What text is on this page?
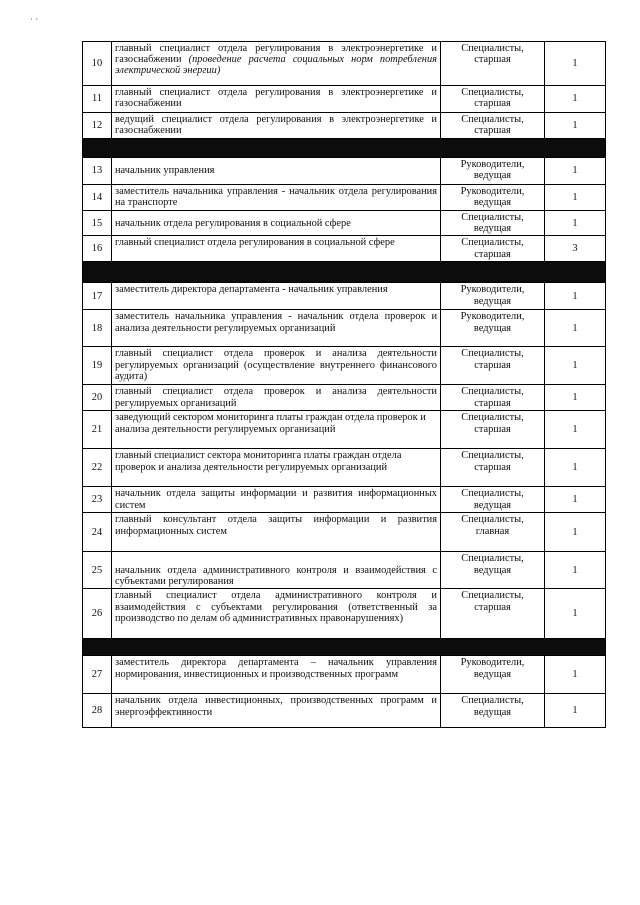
· ·
10	главный специалист отдела регулирования в электроэнергетике и газоснабжении (проведение расчета социальных норм потребления электрической энергии)	Специалисты, старшая	1
11	главный специалист отдела регулирования в электроэнергетике и газоснабжении	Специалисты, старшая	1
12	ведущий специалист отдела регулирования в электроэнергетике и газоснабжении	Специалисты, старшая	1

13	начальник управления	Руководители, ведущая	1
14	заместитель начальника управления - начальник отдела регулирования на транспорте	Руководители, ведущая	1
15	начальник отдела регулирования в социальной сфере	Специалисты, ведущая	1
16	главный специалист отдела регулирования в социальной сфере	Специалисты, старшая	3

17	заместитель директора департамента - начальник управления	Руководители, ведущая	1
18	заместитель начальника управления - начальник отдела проверок и анализа деятельности регулируемых организаций	Руководители, ведущая	1
19	главный специалист отдела проверок и анализа деятельности регулируемых организаций (осуществление внутреннего финансового аудита)	Специалисты, старшая	1
20	главный специалист отдела проверок и анализа деятельности регулируемых организаций	Специалисты, старшая	1
21	заведующий сектором мониторинга платы граждан отдела проверок и анализа деятельности регулируемых организаций	Специалисты, старшая	1
22	главный специалист сектора мониторинга платы граждан отдела проверок и анализа деятельности регулируемых организаций	Специалисты, старшая	1
23	начальник отдела защиты информации и развития информационных систем	Специалисты, ведущая	1
24	главный консультант отдела защиты информации и развития информационных систем	Специалисты, главная	1
25	начальник отдела административного контроля и взаимодействия с субъектами регулирования	Специалисты, ведущая	1
26	главный специалист отдела административного контроля и взаимодействия с субъектами регулирования (ответственный за производство по делам об административных правонарушениях)	Специалисты, старшая	1

27	заместитель директора департамента – начальник управления нормирования, инвестиционных и производственных программ	Руководители, ведущая	1
28	начальник отдела инвестиционных, производственных программ и энергоэффективности	Специалисты, ведущая	1
